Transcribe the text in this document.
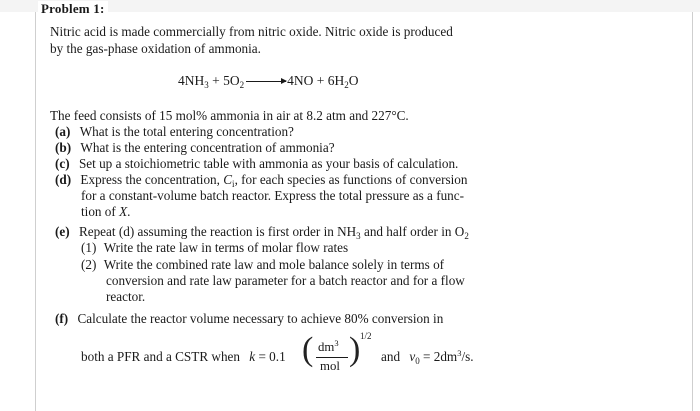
Problem 1:
Nitric acid is made commercially from nitric oxide. Nitric oxide is produced
by the gas-phase oxidation of ammonia.
$4NH_3 + 5O_2$	$4NO + 6H_2O$
The feed consists of 15 mol% ammonia in air at 8.2 atm and 227°C.
(a) What is the total entering concentration?
(b) What is the entering concentration of ammonia?
(c) Set up a stoichiometric table with ammonia as your basis of calculation.
(d) Express the concentration, $C_i$, for each species as functions of conversion
for a constant-volume batch reactor. Express the total pressure as a func-
tion of X.
(e) Repeat (d) assuming the reaction is first order in $NH_3$ and half order in $O_2$
(1) Write the rate law in terms of molar flow rates
(2) Write the combined rate law and mole balance solely in terms of
conversion and rate law parameter for a batch reactor and for a flow
reactor.
(f) Calculate the reactor volume necessary to achieve 80% conversion in
both a PFR and a CSTR when k = 0.1 ( $dm^3$
mol ) 1/2
and $v_0 = 2dm^3/s$.
